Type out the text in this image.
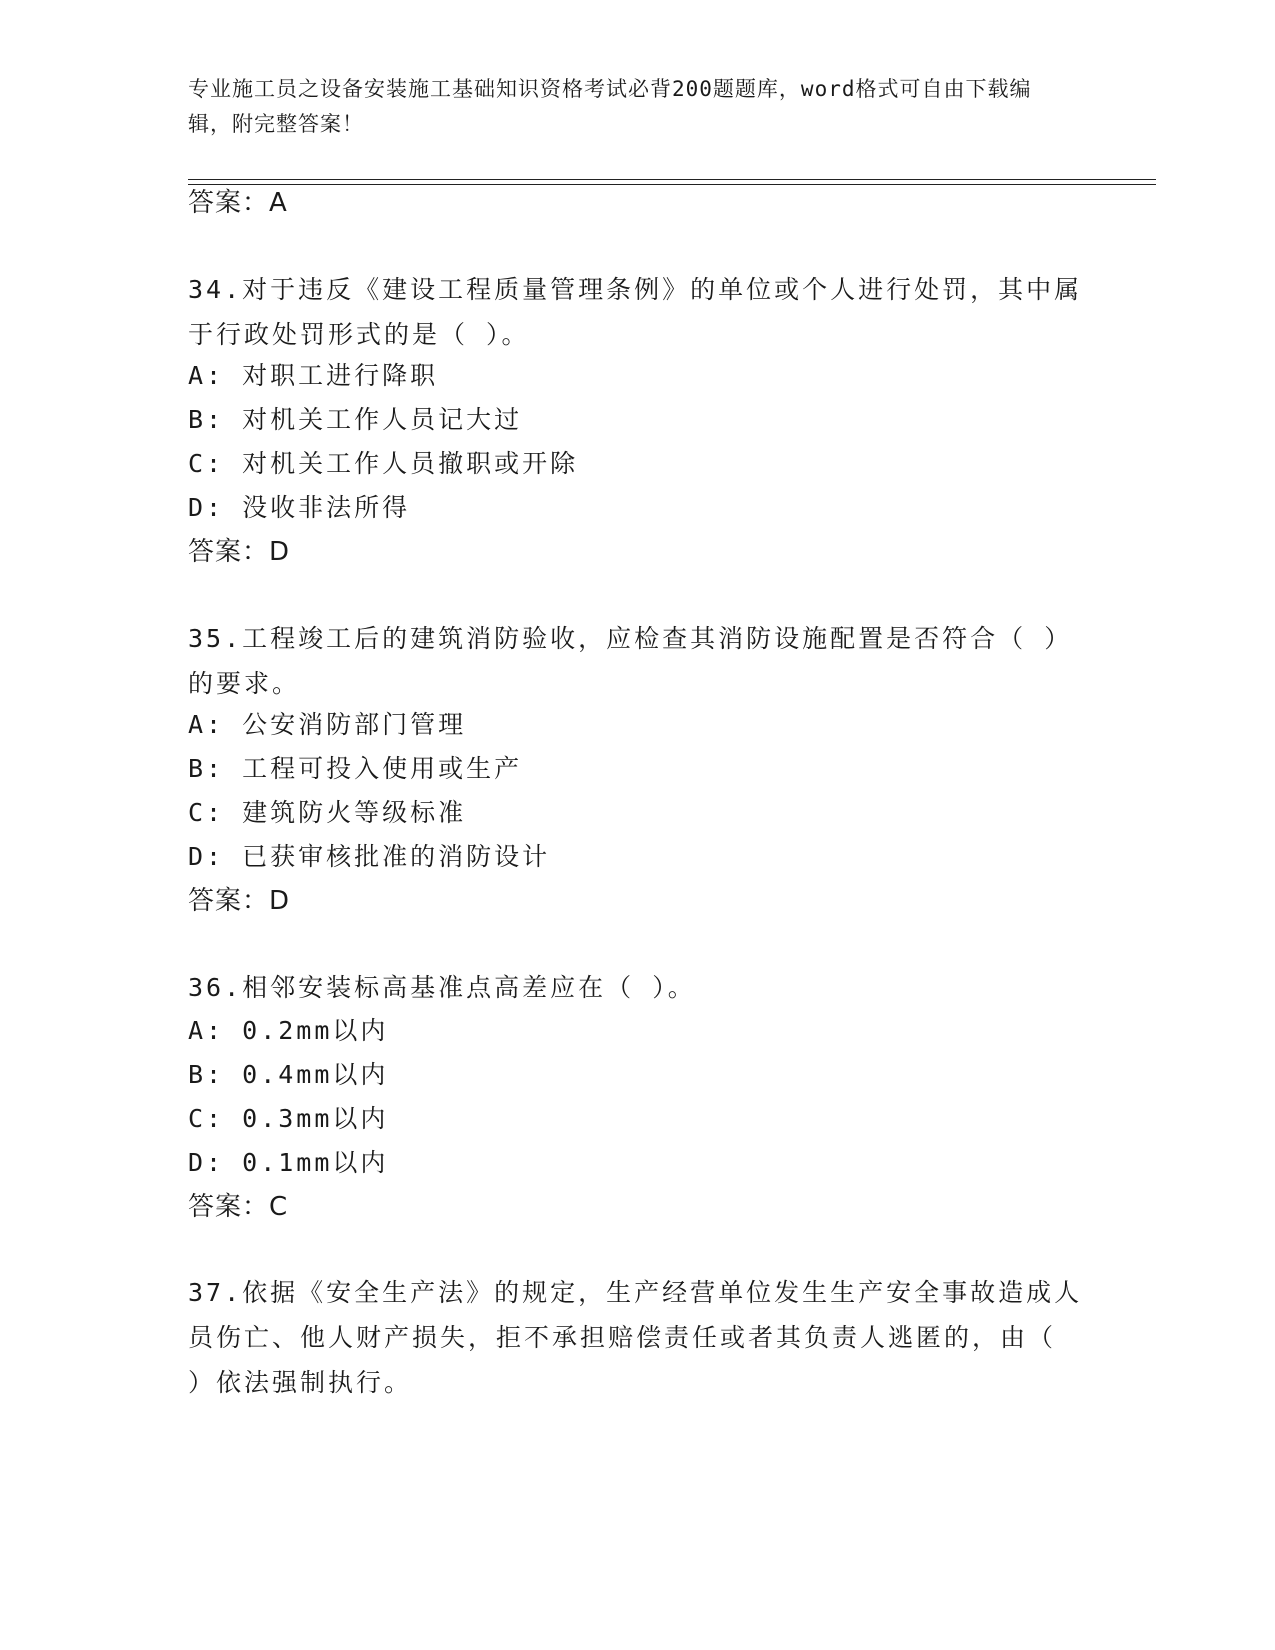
专业施工员之设备安装施工基础知识资格考试必背200题题库，word格式可自由下载编辑，附完整答案！
答案：A
34.对于违反《建设工程质量管理条例》的单位或个人进行处罚，其中属于行政处罚形式的是（ ）。
A: 对职工进行降职
B: 对机关工作人员记大过
C: 对机关工作人员撤职或开除
D: 没收非法所得
答案：D
35.工程竣工后的建筑消防验收，应检查其消防设施配置是否符合（ ）的要求。
A: 公安消防部门管理
B: 工程可投入使用或生产
C: 建筑防火等级标准
D: 已获审核批准的消防设计
答案：D
36.相邻安装标高基准点高差应在（ ）。
A: 0.2mm以内
B: 0.4mm以内
C: 0.3mm以内
D: 0.1mm以内
答案：C
37.依据《安全生产法》的规定，生产经营单位发生生产安全事故造成人员伤亡、他人财产损失，拒不承担赔偿责任或者其负责人逃匿的，由（ ）依法强制执行。
